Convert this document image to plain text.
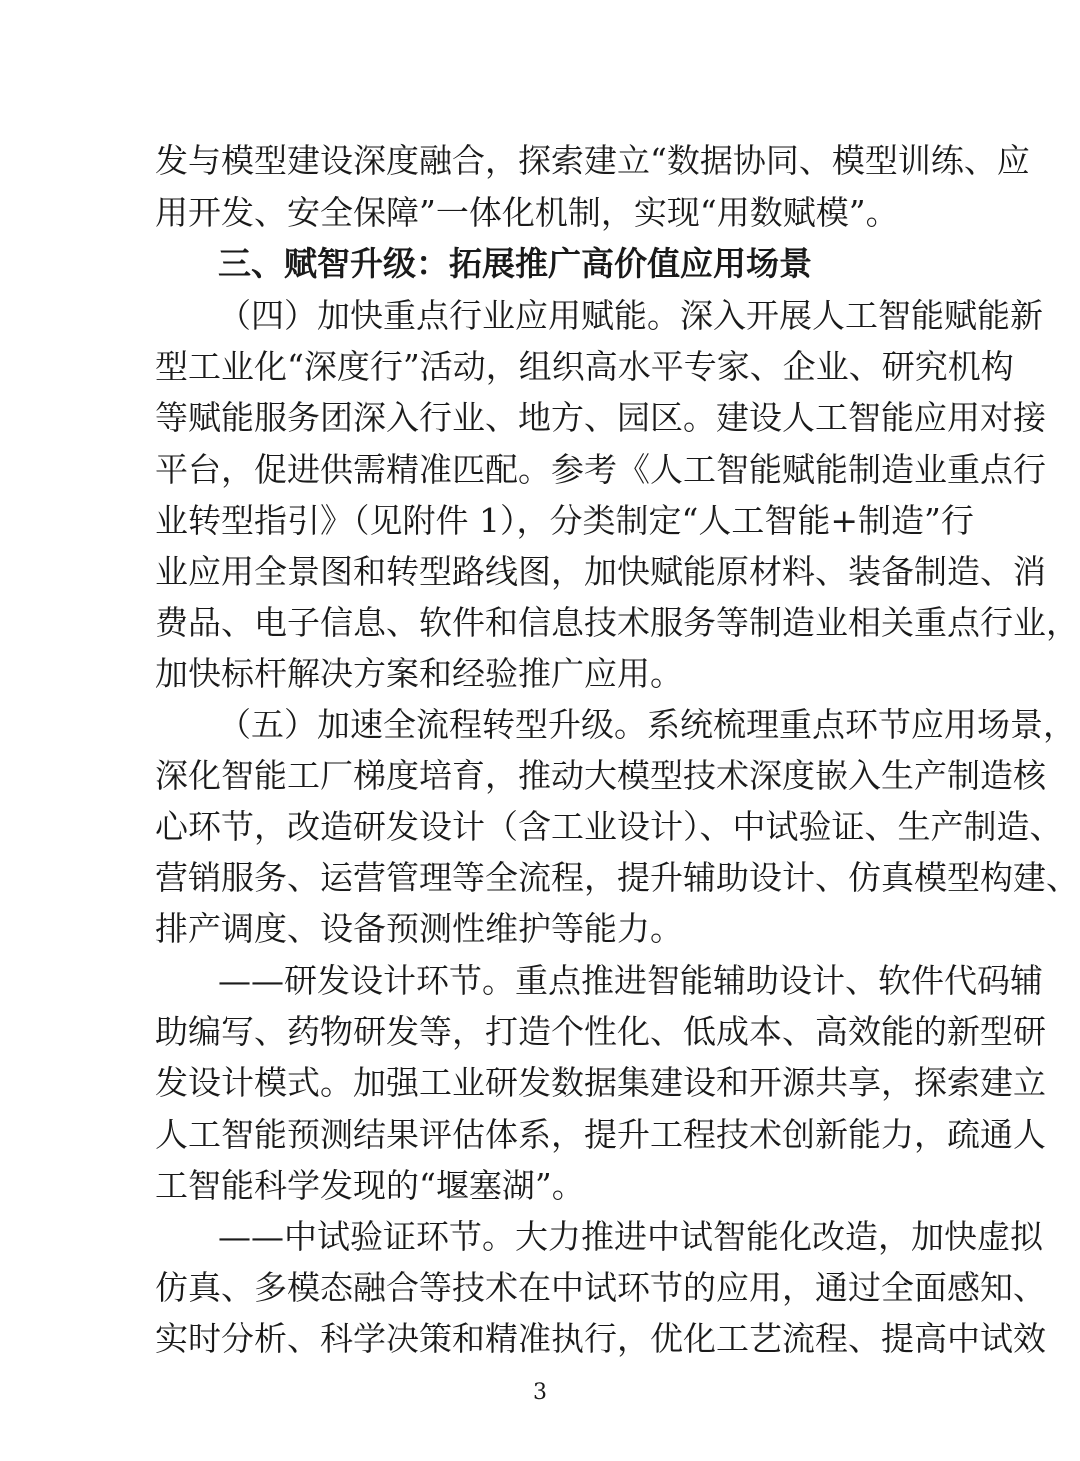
发与模型建设深度融合，探索建立“数据协同、模型训练、应
用开发、安全保障”一体化机制，实现“用数赋模”。
三、赋智升级：拓展推广高价值应用场景
（四）加快重点行业应用赋能。深入开展人工智能赋能新
型工业化“深度行”活动，组织高水平专家、企业、研究机构
等赋能服务团深入行业、地方、园区。建设人工智能应用对接
平台，促进供需精准匹配。参考《人工智能赋能制造业重点行
业转型指引》（见附件 1），分类制定“人工智能+制造”行
业应用全景图和转型路线图，加快赋能原材料、装备制造、消
费品、电子信息、软件和信息技术服务等制造业相关重点行业，
加快标杆解决方案和经验推广应用。
（五）加速全流程转型升级。系统梳理重点环节应用场景，
深化智能工厂梯度培育，推动大模型技术深度嵌入生产制造核
心环节，改造研发设计（含工业设计）、中试验证、生产制造、
营销服务、运营管理等全流程，提升辅助设计、仿真模型构建、
排产调度、设备预测性维护等能力。
——研发设计环节。重点推进智能辅助设计、软件代码辅
助编写、药物研发等，打造个性化、低成本、高效能的新型研
发设计模式。加强工业研发数据集建设和开源共享，探索建立
人工智能预测结果评估体系，提升工程技术创新能力，疏通人
工智能科学发现的“堰塞湖”。
——中试验证环节。大力推进中试智能化改造，加快虚拟
仿真、多模态融合等技术在中试环节的应用，通过全面感知、
实时分析、科学决策和精准执行，优化工艺流程、提高中试效
3
